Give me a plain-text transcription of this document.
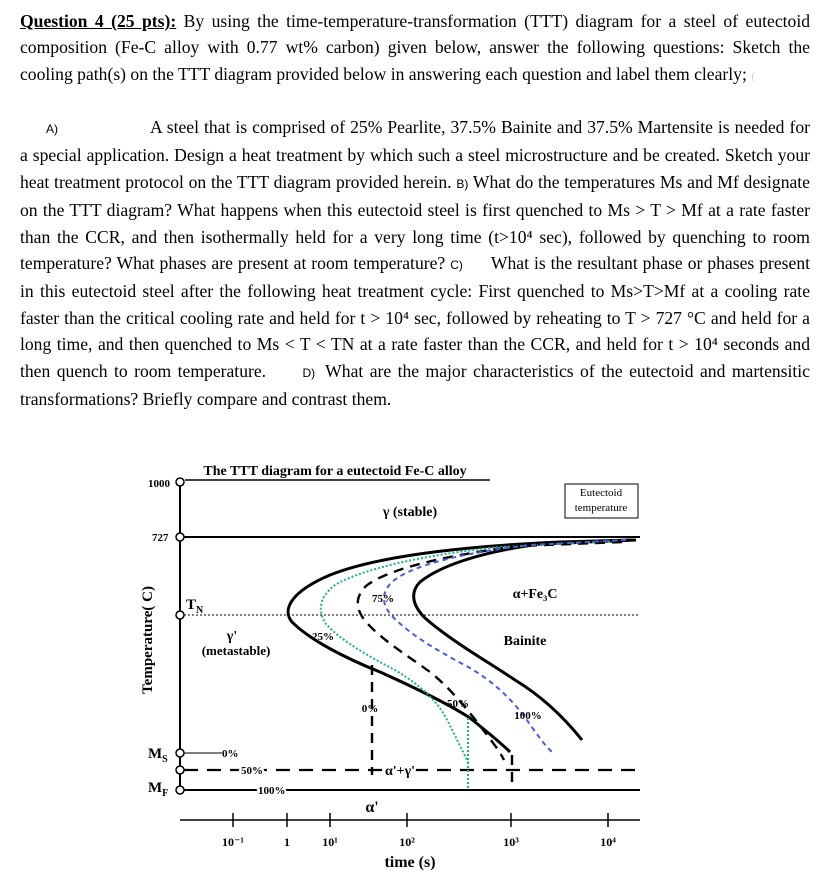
Question 4 (25 pts): By using the time-temperature-transformation (TTT) diagram for a steel of eutectoid composition (Fe-C alloy with 0.77 wt% carbon) given below, answer the following questions: Sketch the cooling path(s) on the TTT diagram provided below in answering each question and label them clearly; (

A)	A steel that is comprised of 25% Pearlite, 37.5% Bainite and 37.5% Martensite is needed for a special application. Design a heat treatment by which such a steel microstructure and be created. Sketch your heat treatment protocol on the TTT diagram provided herein. B) What do the temperatures Ms and Mf designate on the TTT diagram? What happens when this eutectoid steel is first quenched to Ms > T > Mf at a rate faster than the CCR, and then isothermally held for a very long time (t>10⁴ sec), followed by quenching to room temperature? What phases are present at room temperature? C) What is the resultant phase or phases present in this eutectoid steel after the following heat treatment cycle: First quenched to Ms>T>Mf at a cooling rate faster than the critical cooling rate and held for t > 10⁴ sec, followed by reheating to T > 727 °C and held for a long time, and then quenched to Ms < T < TN at a rate faster than the CCR, and held for t > 10⁴ seconds and then quench to room temperature.	D) What are the major characteristics of the eutectoid and martensitic transformations? Briefly compare and contrast them.

The TTT diagram for a eutectoid Fe-C alloy
1000
727
$T_N$
$M_S$
$M_F$
Temperature( C)
10⁻¹	1	10¹	10²	10³	10⁴
time (s)
Eutectoid
temperature
γ (stable)
γ'
(metastable)
α+Fe₃C
Bainite
α'+γ'
α'
75%
25%
0%	50%
100%
0%
50%
100%
